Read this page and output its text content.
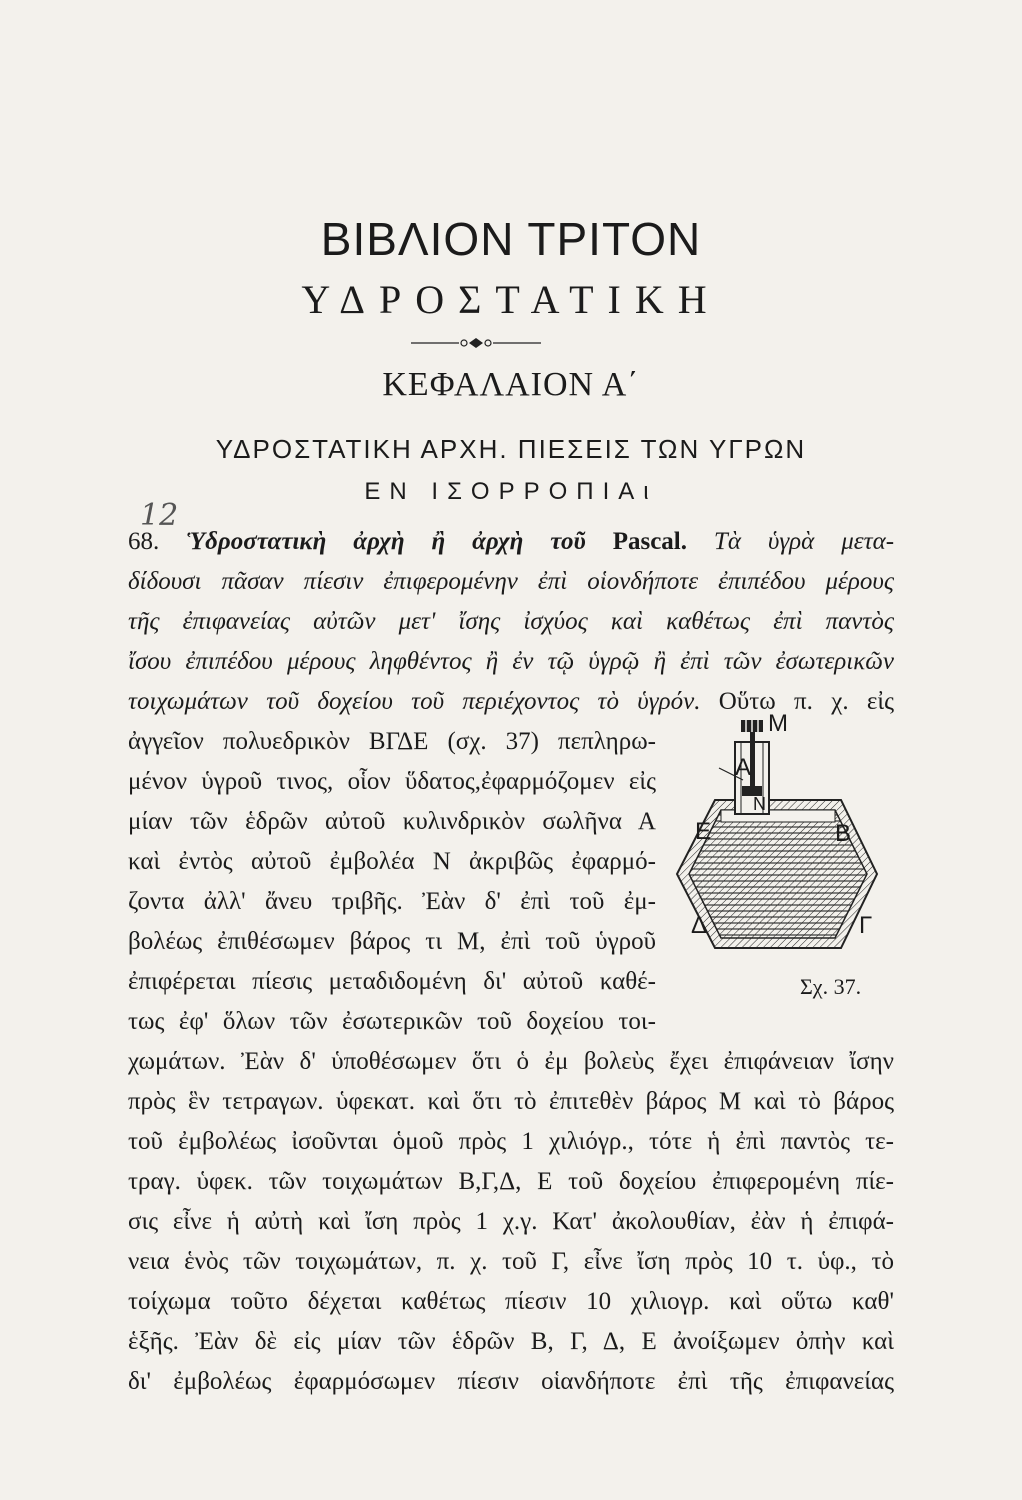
ΒΙΒΛΙΟΝ ΤΡΙΤΟΝ
ΥΔΡΟΣΤΑΤΙΚΗ
ΚΕΦΑΛΑΙΟΝ Α΄
ΥΔΡΟΣΤΑΤΙΚΗ ΑΡΧΗ. ΠΙΕΣΕΙΣ ΤΩΝ ΥΓΡΩΝ
ΕΝ ΙΣΟΡΡΟΠΙΑι
12
68. Ὑδροστατικὴ ἀρχὴ ἢ ἀρχὴ τοῦ Pascal. Τὰ ὑγρὰ μετα-
δίδουσι πᾶσαν πίεσιν ἐπιφερομένην ἐπὶ οἱονδήποτε ἐπιπέδου μέρους
τῆς ἐπιφανείας αὐτῶν μετ' ἴσης ἰσχύος καὶ καθέτως ἐπὶ παντὸς
ἴσου ἐπιπέδου μέρους ληφθέντος ἢ ἐν τῷ ὑγρῷ ἢ ἐπὶ τῶν ἐσωτερικῶν
τοιχωμάτων τοῦ δοχείου τοῦ περιέχοντος τὸ ὑγρόν. Οὕτω π. χ. εἰς
ἀγγεῖον πολυεδρικὸν ΒΓΔΕ (σχ. 37) πεπληρω-
μένον ὑγροῦ τινος, οἷον ὕδατος,ἐφαρμόζομεν εἰς
μίαν τῶν ἑδρῶν αὐτοῦ κυλινδρικὸν σωλῆνα Α
καὶ ἐντὸς αὐτοῦ ἐμβολέα Ν ἀκριβῶς ἐφαρμό-
ζοντα ἀλλ' ἄνευ τριβῆς. Ἐὰν δ' ἐπὶ τοῦ ἐμ-
βολέως ἐπιθέσωμεν βάρος τι Μ, ἐπὶ τοῦ ὑγροῦ
ἐπιφέρεται πίεσις μεταδιδομένη δι' αὐτοῦ καθέ-
τως ἐφ' ὅλων τῶν ἐσωτερικῶν τοῦ δοχείου τοι-
χωμάτων. Ἐὰν δ' ὑποθέσωμεν ὅτι ὁ ἐμ βολεὺς ἔχει ἐπιφάνειαν ἴσην
πρὸς ἓν τετραγων. ὑφεκατ. καὶ ὅτι τὸ ἐπιτεθὲν βάρος Μ καὶ τὸ βάρος
τοῦ ἐμβολέως ἰσοῦνται ὁμοῦ πρὸς 1 χιλιόγρ., τότε ἡ ἐπὶ παντὸς τε-
τραγ. ὑφεκ. τῶν τοιχωμάτων Β,Γ,Δ, Ε τοῦ δοχείου ἐπιφερομένη πίε-
σις εἶνε ἡ αὐτὴ καὶ ἴση πρὸς 1 χ.γ. Κατ' ἀκολουθίαν, ἐὰν ἡ ἐπιφά-
νεια ἑνὸς τῶν τοιχωμάτων, π. χ. τοῦ Γ, εἶνε ἴση πρὸς 10 τ. ὑφ., τὸ
τοίχωμα τοῦτο δέχεται καθέτως πίεσιν 10 χιλιογρ. καὶ οὕτω καθ'
ἑξῆς. Ἐὰν δὲ εἰς μίαν τῶν ἑδρῶν Β, Γ, Δ, Ε ἀνοίξωμεν ὀπὴν καὶ
δι' ἐμβολέως ἐφαρμόσωμεν πίεσιν οἱανδήποτε ἐπὶ τῆς ἐπιφανείας
M
A
N
E	B
Δ	Γ
Σχ. 37.
